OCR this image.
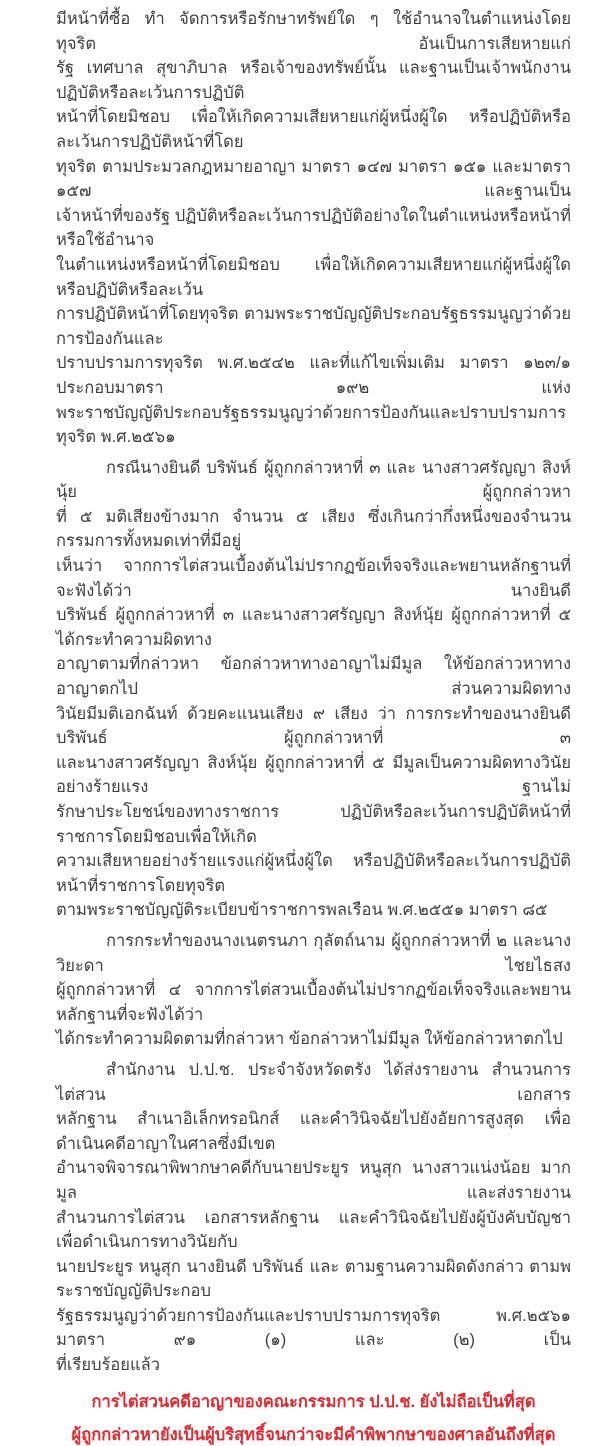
มีหน้าที่ซื้อ ทำ จัดการหรือรักษาทรัพย์ใด ๆ ใช้อำนาจในตำแหน่งโดยทุจริต อันเป็นการเสียหายแก่
รัฐ เทศบาล สุขาภิบาล หรือเจ้าของทรัพย์นั้น และฐานเป็นเจ้าพนักงานปฏิบัติหรือละเว้นการปฏิบัติ
หน้าที่โดยมิชอบ เพื่อให้เกิดความเสียหายแก่ผู้หนึ่งผู้ใด หรือปฏิบัติหรือละเว้นการปฏิบัติหน้าที่โดย
ทุจริต ตามประมวลกฎหมายอาญา มาตรา ๑๔๗ มาตรา ๑๕๑ และมาตรา ๑๕๗ และฐานเป็น
เจ้าหน้าที่ของรัฐ ปฏิบัติหรือละเว้นการปฏิบัติอย่างใดในตำแหน่งหรือหน้าที่ หรือใช้อำนาจ
ในตำแหน่งหรือหน้าที่โดยมิชอบ เพื่อให้เกิดความเสียหายแก่ผู้หนึ่งผู้ใด หรือปฏิบัติหรือละเว้น
การปฏิบัติหน้าที่โดยทุจริต ตามพระราชบัญญัติประกอบรัฐธรรมนูญว่าด้วยการป้องกันและ
ปราบปรามการทุจริต พ.ศ.๒๕๔๒ และที่แก้ไขเพิ่มเติม มาตรา ๑๒๓/๑ ประกอบมาตรา ๑๙๒ แห่ง
พระราชบัญญัติประกอบรัฐธรรมนูญว่าด้วยการป้องกันและปราบปรามการทุจริต พ.ศ.๒๕๖๑
กรณีนางยินดี บริพันธ์ ผู้ถูกกล่าวหาที่ ๓ และ นางสาวศรัญญา สิงห์นุ้ย ผู้ถูกกล่าวหา
ที่ ๕ มติเสียงข้างมาก จำนวน ๕ เสียง ซึ่งเกินกว่ากึ่งหนึ่งของจำนวนกรรมการทั้งหมดเท่าที่มีอยู่
เห็นว่า จากการไต่สวนเบื้องต้นไม่ปรากฏข้อเท็จจริงและพยานหลักฐานที่จะฟังได้ว่า นางยินดี
บริพันธ์ ผู้ถูกกล่าวหาที่ ๓ และนางสาวศรัญญา สิงห์นุ้ย ผู้ถูกกล่าวหาที่ ๕ ได้กระทำความผิดทาง
อาญาตามที่กล่าวหา ข้อกล่าวหาทางอาญาไม่มีมูล ให้ข้อกล่าวหาทางอาญาตกไป ส่วนความผิดทาง
วินัยมีมติเอกฉันท์ ด้วยคะแนนเสียง ๙ เสียง ว่า การกระทำของนางยินดี บริพันธ์ ผู้ถูกกล่าวหาที่ ๓
และนางสาวศรัญญา สิงห์นุ้ย ผู้ถูกกล่าวหาที่ ๕ มีมูลเป็นความผิดทางวินัยอย่างร้ายแรง ฐานไม่
รักษาประโยชน์ของทางราชการ ปฏิบัติหรือละเว้นการปฏิบัติหน้าที่ราชการโดยมิชอบเพื่อให้เกิด
ความเสียหายอย่างร้ายแรงแก่ผู้หนึ่งผู้ใด หรือปฏิบัติหรือละเว้นการปฏิบัติหน้าที่ราชการโดยทุจริต
ตามพระราชบัญญัติระเบียบข้าราชการพลเรือน พ.ศ.๒๕๕๑ มาตรา ๘๕
การกระทำของนางเนตรนภา กุลัตถ์นาม ผู้ถูกกล่าวหาที่ ๒ และนางวิยะดา ไชยไธสง
ผู้ถูกกล่าวหาที่ ๔ จากการไต่สวนเบื้องต้นไม่ปรากฏข้อเท็จจริงและพยานหลักฐานที่จะฟังได้ว่า
ได้กระทำความผิดตามที่กล่าวหา ข้อกล่าวหาไม่มีมูล ให้ข้อกล่าวหาตกไป
สำนักงาน ป.ป.ช. ประจำจังหวัดตรัง ได้ส่งรายงาน สำนวนการไต่สวน เอกสาร
หลักฐาน สำเนาอิเล็กทรอนิกส์ และคำวินิจฉัยไปยังอัยการสูงสุด เพื่อดำเนินคดีอาญาในศาลซึ่งมีเขต
อำนาจพิจารณาพิพากษาคดีกับนายประยูร หนูสุก นางสาวแน่งน้อย มากมูล และส่งรายงาน
สำนวนการไต่สวน เอกสารหลักฐาน และคำวินิจฉัยไปยังผู้บังคับบัญชา เพื่อดำเนินการทางวินัยกับ
นายประยูร หนูสุก นางยินดี บริพันธ์ และ ตามฐานความผิดดังกล่าว ตามพระราชบัญญัติประกอบ
รัฐธรรมนูญว่าด้วยการป้องกันและปราบปรามการทุจริต พ.ศ.๒๕๖๑ มาตรา ๙๑ (๑) และ (๒) เป็น
ที่เรียบร้อยแล้ว
การไต่สวนคดีอาญาของคณะกรรมการ ป.ป.ช. ยังไม่ถือเป็นที่สุด
ผู้ถูกกล่าวหายังเป็นผู้บริสุทธิ์จนกว่าจะมีคำพิพากษาของศาลอันถึงที่สุด
